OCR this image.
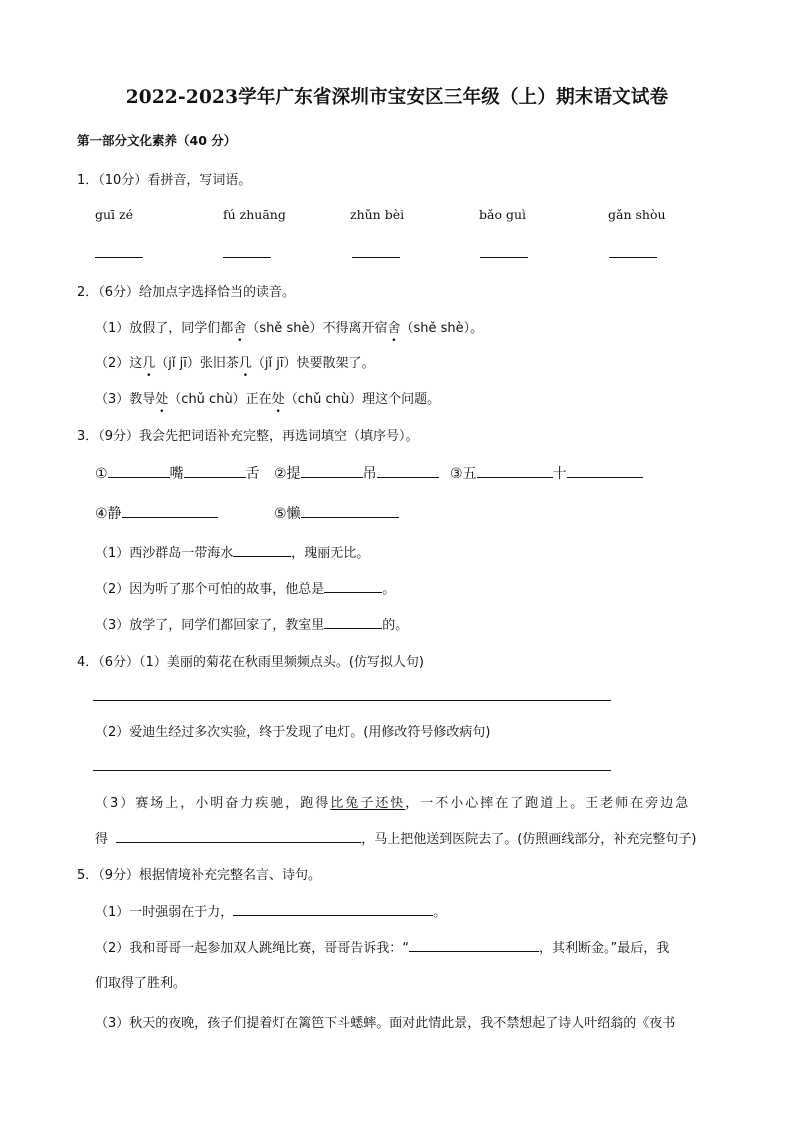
2022-2023学年广东省深圳市宝安区三年级（上）期末语文试卷
第一部分文化素养（40 分）
1．（10分）看拼音，写词语。
guī zé	fú zhuāng	zhǔn bèi	bǎo guì	gǎn shòu
2．（6分）给加点字选择恰当的读音。
（1）放假了，同学们都舍（shě shè）不得离开宿舍（shě shè）。
（2）这几（jǐ jī）张旧茶几（jǐ jī）快要散架了。
（3）教导处（chǔ chù）正在处（chǔ chù）理这个问题。
3．（9分）我会先把词语补充完整，再选词填空（填序号）。
①	嘴	舌 ②提	吊	③五	十
④静	⑤懒
（1）西沙群岛一带海水	，瑰丽无比。
（2）因为听了那个可怕的故事，他总是	。
（3）放学了，同学们都回家了，教室里	的。
4．（6分）（1）美丽的菊花在秋雨里频频点头。(仿写拟人句)
（2）爱迪生经过多次实验，终于发现了电灯。(用修改符号修改病句)
（3）赛场上，小明奋力疾驰，跑得比兔子还快，一不小心摔在了跑道上。王老师在旁边急
得	，马上把他送到医院去了。(仿照画线部分，补充完整句子)
5．（9分）根据情境补充完整名言、诗句。
（1）一时强弱在于力，	。
（2）我和哥哥一起参加双人跳绳比赛，哥哥告诉我：“	，其利断金。”最后，我
们取得了胜利。
（3）秋天的夜晚，孩子们提着灯在篱笆下斗蟋蟀。面对此情此景，我不禁想起了诗人叶绍翁的《夜书
